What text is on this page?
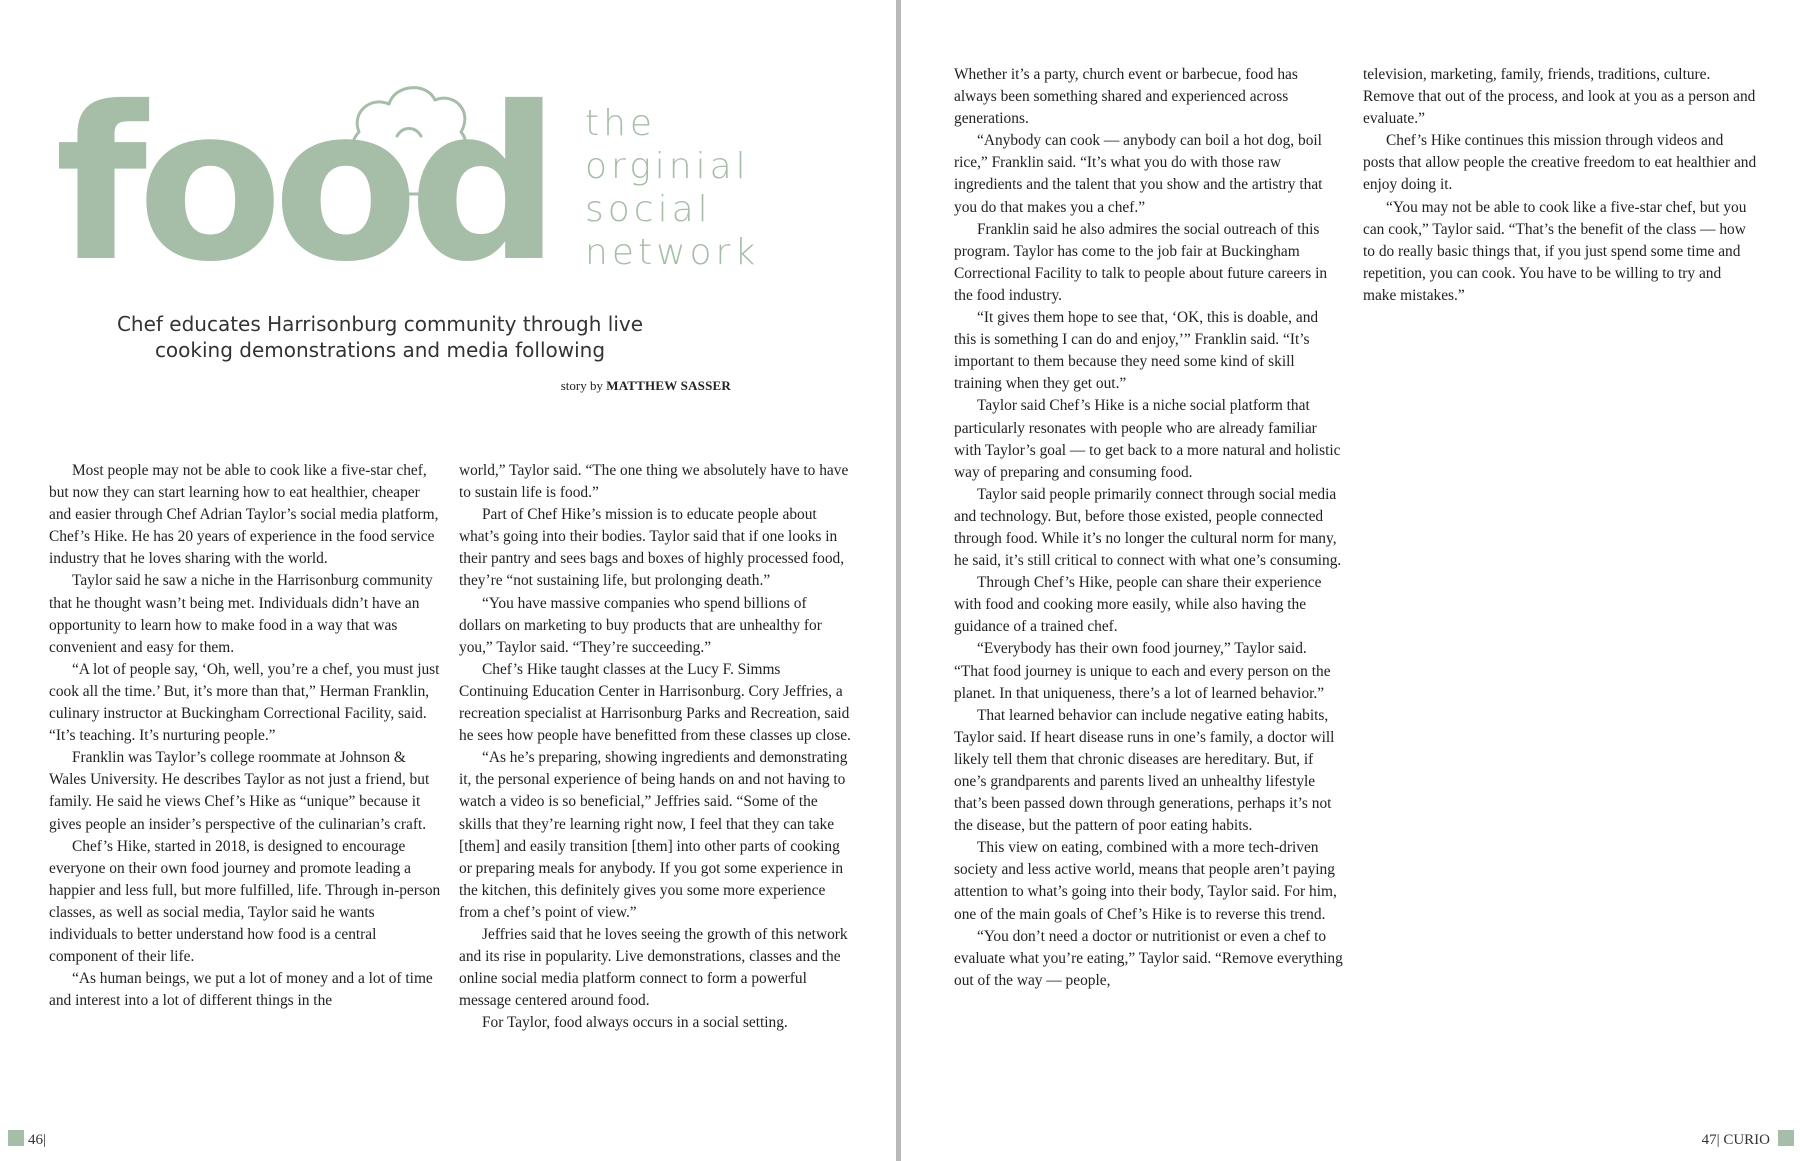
food the
orginial
social
network
Chef educates Harrisonburg community through live
cooking demonstrations and media following
story by MATTHEW SASSER

Most people may not be able to cook like a five-star chef, but now they can start learning how to eat healthier, cheaper and easier through Chef Adrian Taylor’s social media platform, Chef’s Hike. He has 20 years of experience in the food service industry that he loves sharing with the world.

Taylor said he saw a niche in the Harrisonburg community that he thought wasn’t being met. Individuals didn’t have an opportunity to learn how to make food in a way that was convenient and easy for them.

“A lot of people say, ‘Oh, well, you’re a chef, you must just cook all the time.’ But, it’s more than that,” Herman Franklin, culinary instructor at Buckingham Correctional Facility, said. “It’s teaching. It’s nurturing people.”

Franklin was Taylor’s college roommate at Johnson & Wales University. He describes Taylor as not just a friend, but family. He said he views Chef’s Hike as “unique” because it gives people an insider’s perspective of the culinarian’s craft.

Chef’s Hike, started in 2018, is designed to encourage everyone on their own food journey and promote leading a happier and less full, but more fulfilled, life. Through in-person classes, as well as social media, Taylor said he wants individuals to better understand how food is a central component of their life.

“As human beings, we put a lot of money and a lot of time and interest into a lot of different things in the

world,” Taylor said. “The one thing we absolutely have to have to sustain life is food.”

Part of Chef Hike’s mission is to educate people about what’s going into their bodies. Taylor said that if one looks in their pantry and sees bags and boxes of highly processed food, they’re “not sustaining life, but prolonging death.”

“You have massive companies who spend billions of dollars on marketing to buy products that are unhealthy for you,” Taylor said. “They’re succeeding.”

Chef’s Hike taught classes at the Lucy F. Simms Continuing Education Center in Harrisonburg. Cory Jeffries, a recreation specialist at Harrisonburg Parks and Recreation, said he sees how people have benefitted from these classes up close.

“As he’s preparing, showing ingredients and demonstrating it, the personal experience of being hands on and not having to watch a video is so beneficial,” Jeffries said. “Some of the skills that they’re learning right now, I feel that they can take [them] and easily transition [them] into other parts of cooking or preparing meals for anybody. If you got some experience in the kitchen, this definitely gives you some more experience from a chef’s point of view.”

Jeffries said that he loves seeing the growth of this network and its rise in popularity. Live demonstrations, classes and the online social media platform connect to form a powerful message centered around food.

For Taylor, food always occurs in a social setting.

46|

Whether it’s a party, church event or barbecue, food has always been something shared and experienced across generations.

“Anybody can cook — anybody can boil a hot dog, boil rice,” Franklin said. “It’s what you do with those raw ingredients and the talent that you show and the artistry that you do that makes you a chef.”

Franklin said he also admires the social outreach of this program. Taylor has come to the job fair at Buckingham Correctional Facility to talk to people about future careers in the food industry.

“It gives them hope to see that, ‘OK, this is doable, and this is something I can do and enjoy,’” Franklin said. “It’s important to them because they need some kind of skill training when they get out.”

Taylor said Chef’s Hike is a niche social platform that particularly resonates with people who are already familiar with Taylor’s goal — to get back to a more natural and holistic way of preparing and consuming food.

Taylor said people primarily connect through social media and technology. But, before those existed, people connected through food. While it’s no longer the cultural norm for many, he said, it’s still critical to connect with what one’s consuming.

Through Chef’s Hike, people can share their experience with food and cooking more easily, while also having the guidance of a trained chef.

“Everybody has their own food journey,” Taylor said. “That food journey is unique to each and every person on the planet. In that uniqueness, there’s a lot of learned behavior.”

That learned behavior can include negative eating habits, Taylor said. If heart disease runs in one’s family, a doctor will likely tell them that chronic diseases are hereditary. But, if one’s grandparents and parents lived an unhealthy lifestyle that’s been passed down through generations, perhaps it’s not the disease, but the pattern of poor eating habits.

This view on eating, combined with a more tech-driven society and less active world, means that people aren’t paying attention to what’s going into their body, Taylor said. For him, one of the main goals of Chef’s Hike is to reverse this trend.

“You don’t need a doctor or nutritionist or even a chef to evaluate what you’re eating,” Taylor said. “Remove everything out of the way — people,

television, marketing, family, friends, traditions, culture. Remove that out of the process, and look at you as a person and evaluate.”

Chef’s Hike continues this mission through videos and posts that allow people the creative freedom to eat healthier and enjoy doing it.

“You may not be able to cook like a five-star chef, but you can cook,” Taylor said. “That’s the benefit of the class — how to do really basic things that, if you just spend some time and repetition, you can cook. You have to be willing to try and make mistakes.”

47| CURIO
